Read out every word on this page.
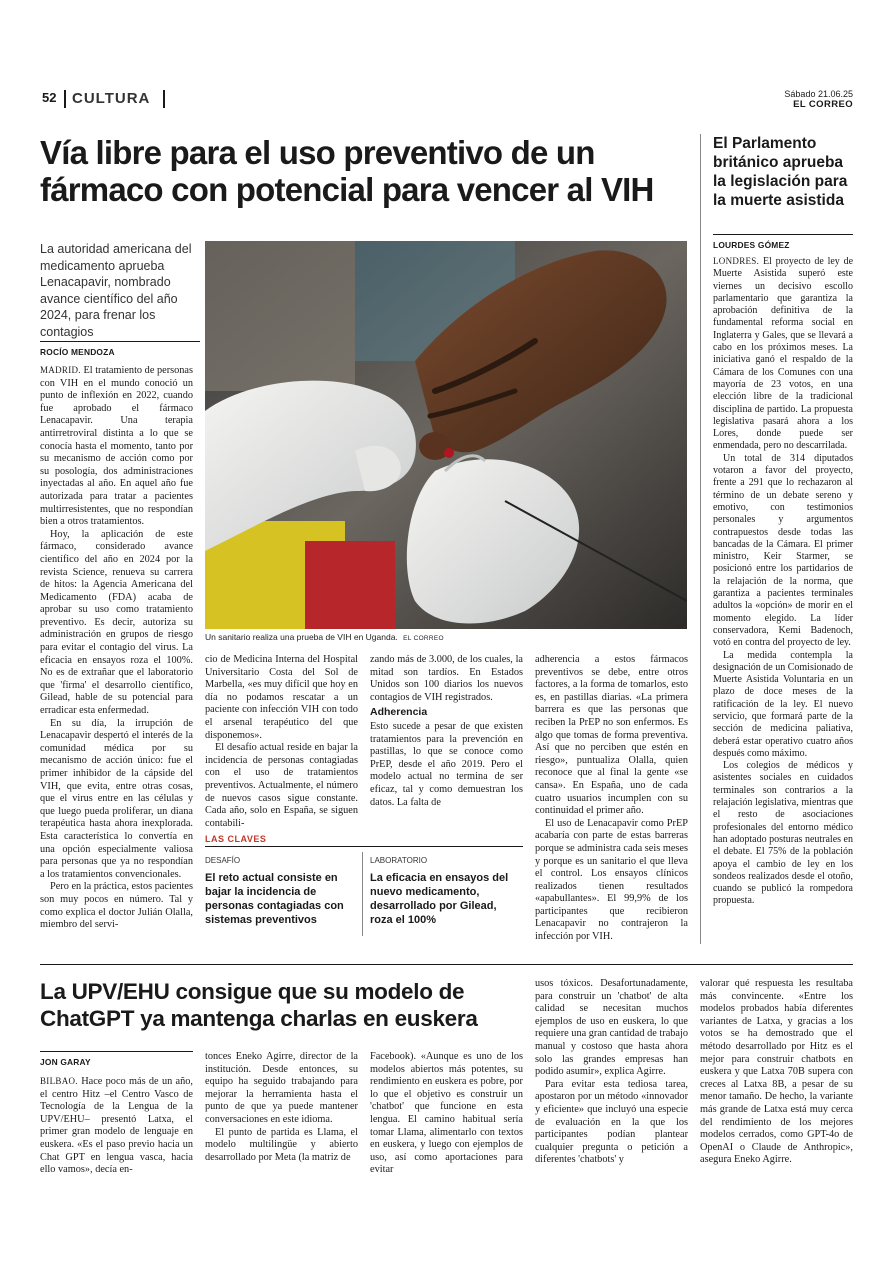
52 CULTURA	Sábado 21.06.25
EL CORREO
Vía libre para el uso preventivo de un fármaco con potencial para vencer al VIH
La autoridad americana del medicamento aprueba Lenacapavir, nombrado avance científico del año 2024, para frenar los contagios
ROCÍO MENDOZA
Un sanitario realiza una prueba de VIH en Uganda. EL CORREO

MADRID. El tratamiento de personas con VIH en el mundo conoció un punto de inflexión en 2022, cuando fue aprobado el fármaco Lenacapavir. Una terapia antirretroviral distinta a lo que se conocía hasta el momento, tanto por su mecanismo de acción como por su posología, dos administraciones inyectadas al año. En aquel año fue autorizada para tratar a pacientes multirresistentes, que no respondían bien a otros tratamientos.

Hoy, la aplicación de este fármaco, considerado avance científico del año en 2024 por la revista Science, renueva su carrera de hitos: la Agencia Americana del Medicamento (FDA) acaba de aprobar su uso como tratamiento preventivo. Es decir, autoriza su administración en grupos de riesgo para evitar el contagio del virus. La eficacia en ensayos roza el 100%. No es de extrañar que el laboratorio que 'firma' el desarrollo científico, Gilead, hable de su potencial para erradicar esta enfermedad.

En su día, la irrupción de Lenacapavir despertó el interés de la comunidad médica por su mecanismo de acción único: fue el primer inhibidor de la cápside del VIH, que evita, entre otras cosas, que el virus entre en las células y que luego pueda proliferar, un diana terapéutica hasta ahora inexplorada. Esta característica lo convertía en una opción especialmente valiosa para personas que ya no respondían a los tratamientos convencionales.

Pero en la práctica, estos pacientes son muy pocos en número. Tal y como explica el doctor Julián Olalla, miembro del servi-

cio de Medicina Interna del Hospital Universitario Costa del Sol de Marbella, «es muy difícil que hoy en día no podamos rescatar a un paciente con infección VIH con todo el arsenal terapéutico del que disponemos».

El desafío actual reside en bajar la incidencia de personas contagiadas con el uso de tratamientos preventivos. Actualmente, el número de nuevos casos sigue constante. Cada año, solo en España, se siguen contabili-

zando más de 3.000, de los cuales, la mitad son tardíos. En Estados Unidos son 100 diarios los nuevos contagios de VIH registrados.

Adherencia

Esto sucede a pesar de que existen tratamientos para la prevención en pastillas, lo que se conoce como PrEP, desde el año 2019. Pero el modelo actual no termina de ser eficaz, tal y como demuestran los datos. La falta de

adherencia a estos fármacos preventivos se debe, entre otros factores, a la forma de tomarlos, esto es, en pastillas diarias. «La primera barrera es que las personas que reciben la PrEP no son enfermos. Es algo que tomas de forma preventiva. Así que no perciben que estén en riesgo», puntualiza Olalla, quien reconoce que al final la gente «se cansa». En España, uno de cada cuatro usuarios incumplen con su continuidad el primer año.

El uso de Lenacapavir como PrEP acabaría con parte de estas barreras porque se administra cada seis meses y porque es un sanitario el que lleva el control. Los ensayos clínicos realizados tienen resultados «apabullantes». El 99,9% de los participantes que recibieron Lenacapavir no contrajeron la infección por VIH.

LAS CLAVES
DESAFÍO
El reto actual consiste en bajar la incidencia de personas contagiadas con sistemas preventivos
LABORATORIO
La eficacia en ensayos del nuevo medicamento, desarrollado por Gilead, roza el 100%
El Parlamento británico aprueba la legislación para la muerte asistida
LOURDES GÓMEZ

LONDRES. El proyecto de ley de Muerte Asistida superó este viernes un decisivo escollo parlamentario que garantiza la aprobación definitiva de la fundamental reforma social en Inglaterra y Gales, que se llevará a cabo en los próximos meses. La iniciativa ganó el respaldo de la Cámara de los Comunes con una mayoría de 23 votos, en una elección libre de la tradicional disciplina de partido. La propuesta legislativa pasará ahora a los Lores, donde puede ser enmendada, pero no descarrilada.

Un total de 314 diputados votaron a favor del proyecto, frente a 291 que lo rechazaron al término de un debate sereno y emotivo, con testimonios personales y argumentos contrapuestos desde todas las bancadas de la Cámara. El primer ministro, Keir Starmer, se posicionó entre los partidarios de la relajación de la norma, que garantiza a pacientes terminales adultos la «opción» de morir en el momento elegido. La líder conservadora, Kemi Badenoch, votó en contra del proyecto de ley.

La medida contempla la designación de un Comisionado de Muerte Asistida Voluntaria en un plazo de doce meses de la ratificación de la ley. El nuevo servicio, que formará parte de la sección de medicina paliativa, deberá estar operativo cuatro años después como máximo.

Los colegios de médicos y asistentes sociales en cuidados terminales son contrarios a la relajación legislativa, mientras que el resto de asociaciones profesionales del entorno médico han adoptado posturas neutrales en el debate. El 75% de la población apoya el cambio de ley en los sondeos realizados desde el otoño, cuando se publicó la rompedora propuesta.

La UPV/EHU consigue que su modelo de ChatGPT ya mantenga charlas en euskera
JON GARAY

BILBAO. Hace poco más de un año, el centro Hitz –el Centro Vasco de Tecnología de la Lengua de la UPV/EHU– presentó Latxa, el primer gran modelo de lenguaje en euskera. «Es el paso previo hacia un Chat GPT en lengua vasca, hacia ello vamos», decía en-

tonces Eneko Agirre, director de la institución. Desde entonces, su equipo ha seguido trabajando para mejorar la herramienta hasta el punto de que ya puede mantener conversaciones en este idioma.

El punto de partida es Llama, el modelo multilingüe y abierto desarrollado por Meta (la matriz de

Facebook). «Aunque es uno de los modelos abiertos más potentes, su rendimiento en euskera es pobre, por lo que el objetivo es construir un 'chatbot' que funcione en esta lengua. El camino habitual sería tomar Llama, alimentarlo con textos en euskera, y luego con ejemplos de uso, así como aportaciones para evitar

usos tóxicos. Desafortunadamente, para construir un 'chatbot' de alta calidad se necesitan muchos ejemplos de uso en euskera, lo que requiere una gran cantidad de trabajo manual y costoso que hasta ahora solo las grandes empresas han podido asumir», explica Agirre.

Para evitar esta tediosa tarea, apostaron por un método «innovador y eficiente» que incluyó una especie de evaluación en la que los participantes podían plantear cualquier pregunta o petición a diferentes 'chatbots' y

valorar qué respuesta les resultaba más convincente. «Entre los modelos probados había diferentes variantes de Latxa, y gracias a los votos se ha demostrado que el método desarrollado por Hitz es el mejor para construir chatbots en euskera y que Latxa 70B supera con creces al Latxa 8B, a pesar de su menor tamaño. De hecho, la variante más grande de Latxa está muy cerca del rendimiento de los mejores modelos cerrados, como GPT-4o de OpenAI o Claude de Anthropic», asegura Eneko Agirre.
